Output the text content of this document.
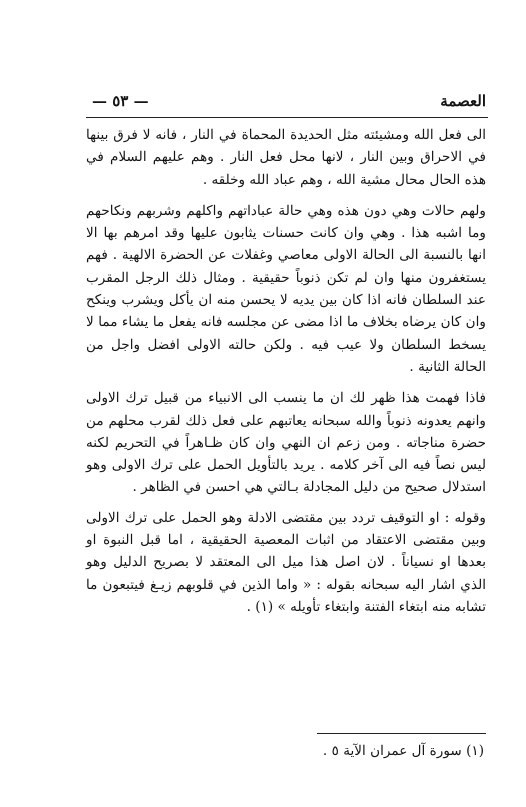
العصمة
— ٥٣ —

الى فعل الله ومشيئته مثل الحديدة المحماة في النار ، فانه لا فرق بينها في الاحراق وبين النار ، لانها محل فعل النار . وهم عليهم السلام في هذه الحال محال مشية الله ، وهم عباد الله وخلقه .

ولهم حالات وهي دون هذه وهي حالة عباداتهم واكلهم وشربهم ونكاحهم وما اشبه هذا . وهي وان كانت حسنات يثابون عليها وقد امرهم بها الا انها بالنسبة الى الحالة الاولى معاصي وغفلات عن الحضرة الالهية . فهم يستغفرون منها وان لم تكن ذنوباً حقيقية . ومثال ذلك الرجل المقرب عند السلطان فانه اذا كان بين يديه لا يحسن منه ان يأكل ويشرب وينكح وان كان يرضاه بخلاف ما اذا مضى عن مجلسه فانه يفعل ما يشاء مما لا يسخط السلطان ولا عيب فيه . ولكن حالته الاولى افضل واجل من الحالة الثانية .

فاذا فهمت هذا ظهر لك ان ما ينسب الى الانبياء من قبيل ترك الاولى وانهم يعدونه ذنوباً والله سبحانه يعاتبهم على فعل ذلك لقرب محلهم من حضرة مناجاته . ومن زعم ان النهي وان كان ظـاهراً في التحريم لكنه ليس نصاً فيه الى آخر كلامه . يريد بالتأويل الحمل على ترك الاولى وهو استدلال صحيح من دليل المجادلة بـالتي هي احسن في الظاهر .

وقوله : او التوقيف تردد بين مقتضى الادلة وهو الحمل على ترك الاولى وبين مقتضى الاعتقاد من اثبات المعصية الحقيقية ، اما قبل النبوة او بعدها او نسياناً . لان اصل هذا ميل الى المعتقد لا بصريح الدليل وهو الذي اشار اليه سبحانه بقوله : « واما الذين في قلوبهم زيـغ فيتبعون ما تشابه منه ابتغاء الفتنة وابتغاء تأويله » (١) .

(١) سورة آل عمران الآية ٥ .
